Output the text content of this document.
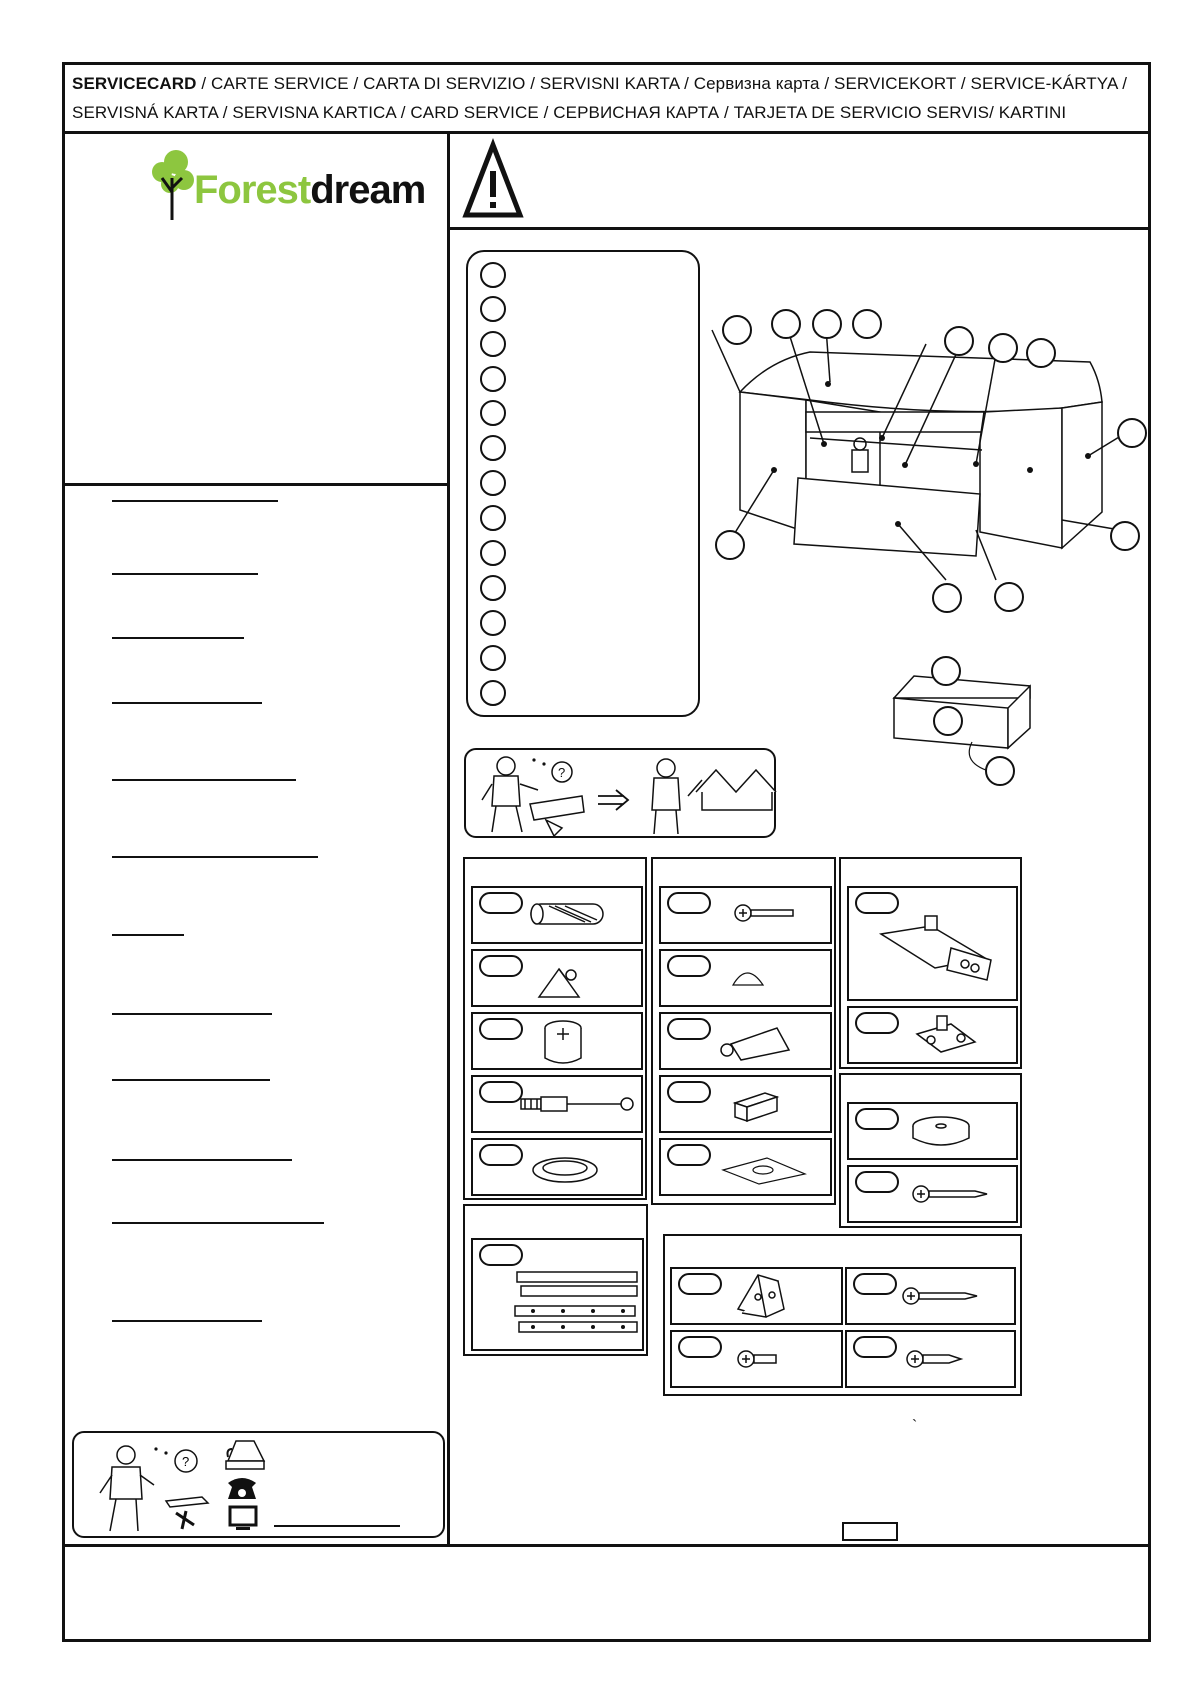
SERVICECARD / CARTE SERVICE / CARTA DI SERVIZIO / SERVISNI KARTA / Сервизна карта / SERVICEKORT / SERVICE-KÁRTYA /
SERVISNÁ KARTA / SERVISNA KARTICA / CARD SERVICE / СЕРВИСНАЯ КАРТА / TARJETA DE SERVICIO SERVIS/ KARTINI
Forestdream
?
?
`
